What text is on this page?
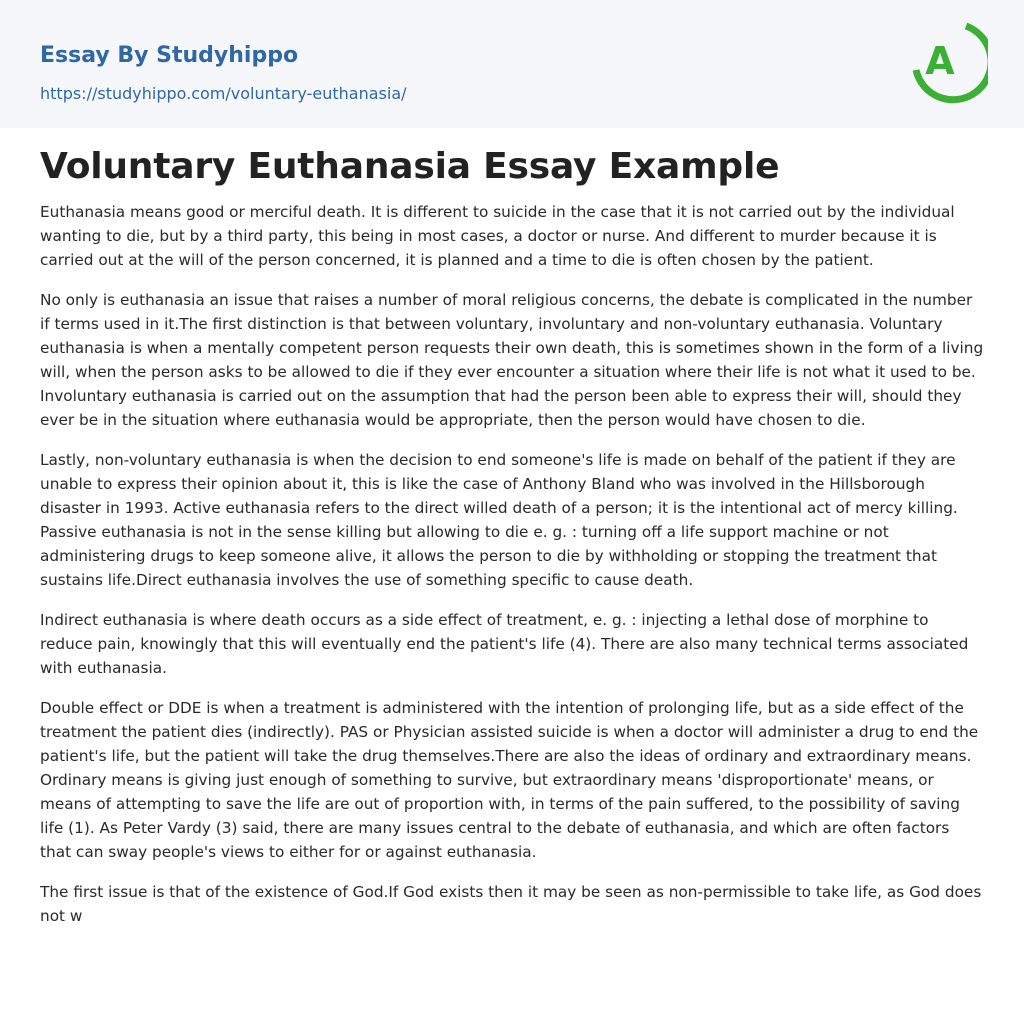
Essay By Studyhippo
https://studyhippo.com/voluntary-euthanasia/
A
Voluntary Euthanasia Essay Example

Euthanasia means good or merciful death. It is different to suicide in the case that it is not carried out by the individual wanting to die, but by a third party, this being in most cases, a doctor or nurse. And different to murder because it is carried out at the will of the person concerned, it is planned and a time to die is often chosen by the patient.

No only is euthanasia an issue that raises a number of moral religious concerns, the debate is complicated in the number if terms used in it.The first distinction is that between voluntary, involuntary and non-voluntary euthanasia. Voluntary euthanasia is when a mentally competent person requests their own death, this is sometimes shown in the form of a living will, when the person asks to be allowed to die if they ever encounter a situation where their life is not what it used to be. Involuntary euthanasia is carried out on the assumption that had the person been able to express their will, should they ever be in the situation where euthanasia would be appropriate, then the person would have chosen to die.

Lastly, non-voluntary euthanasia is when the decision to end someone's life is made on behalf of the patient if they are unable to express their opinion about it, this is like the case of Anthony Bland who was involved in the Hillsborough disaster in 1993. Active euthanasia refers to the direct willed death of a person; it is the intentional act of mercy killing. Passive euthanasia is not in the sense killing but allowing to die e. g. : turning off a life support machine or not administering drugs to keep someone alive, it allows the person to die by withholding or stopping the treatment that sustains life.Direct euthanasia involves the use of something specific to cause death.

Indirect euthanasia is where death occurs as a side effect of treatment, e. g. : injecting a lethal dose of morphine to reduce pain, knowingly that this will eventually end the patient's life (4). There are also many technical terms associated with euthanasia.

Double effect or DDE is when a treatment is administered with the intention of prolonging life, but as a side effect of the treatment the patient dies (indirectly). PAS or Physician assisted suicide is when a doctor will administer a drug to end the patient's life, but the patient will take the drug themselves.There are also the ideas of ordinary and extraordinary means. Ordinary means is giving just enough of something to survive, but extraordinary means 'disproportionate' means, or means of attempting to save the life are out of proportion with, in terms of the pain suffered, to the possibility of saving life (1). As Peter Vardy (3) said, there are many issues central to the debate of euthanasia, and which are often factors that can sway people's views to either for or against euthanasia.

The first issue is that of the existence of God.If God exists then it may be seen as non-permissible to take life, as God does not w
